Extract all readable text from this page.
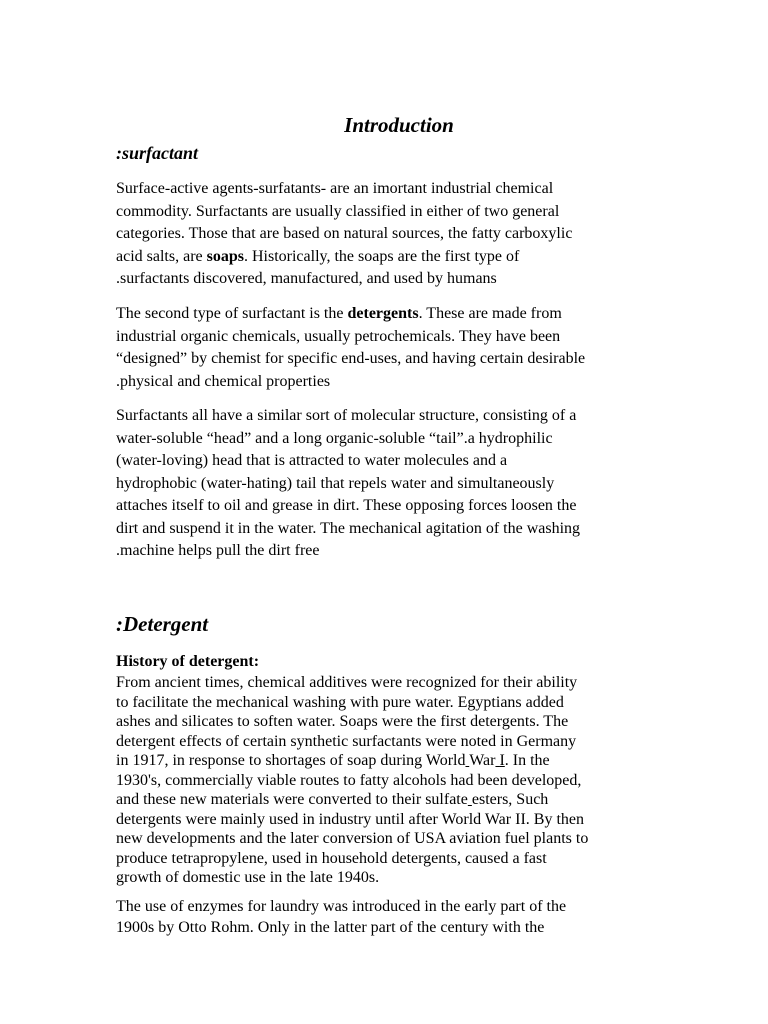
Introduction
:surfactant
Surface-active agents-surfatants- are an imortant industrial chemical
commodity. Surfactants are usually classified in either of two general
categories. Those that are based on natural sources, the fatty carboxylic
acid salts, are soaps. Historically, the soaps are the first type of
.surfactants discovered, manufactured, and used by humans
The second type of surfactant is the detergents. These are made from
industrial organic chemicals, usually petrochemicals. They have been
“designed” by chemist for specific end-uses, and having certain desirable
.physical and chemical properties
Surfactants all have a similar sort of molecular structure, consisting of a
water-soluble “head” and a long organic-soluble “tail”.a hydrophilic
(water-loving) head that is attracted to water molecules and a
hydrophobic (water-hating) tail that repels water and simultaneously
attaches itself to oil and grease in dirt. These opposing forces loosen the
dirt and suspend it in the water. The mechanical agitation of the washing
.machine helps pull the dirt free
:Detergent
History of detergent:
From ancient times, chemical additives were recognized for their ability
to facilitate the mechanical washing with pure water. Egyptians added
ashes and silicates to soften water. Soaps were the first detergents. The
detergent effects of certain synthetic surfactants were noted in Germany
in 1917, in response to shortages of soap during World War I. In the
1930's, commercially viable routes to fatty alcohols had been developed,
and these new materials were converted to their sulfate esters, Such
detergents were mainly used in industry until after World War II. By then
new developments and the later conversion of USA aviation fuel plants to
produce tetrapropylene, used in household detergents, caused a fast
growth of domestic use in the late 1940s.
The use of enzymes for laundry was introduced in the early part of the
1900s by Otto Rohm. Only in the latter part of the century with the
